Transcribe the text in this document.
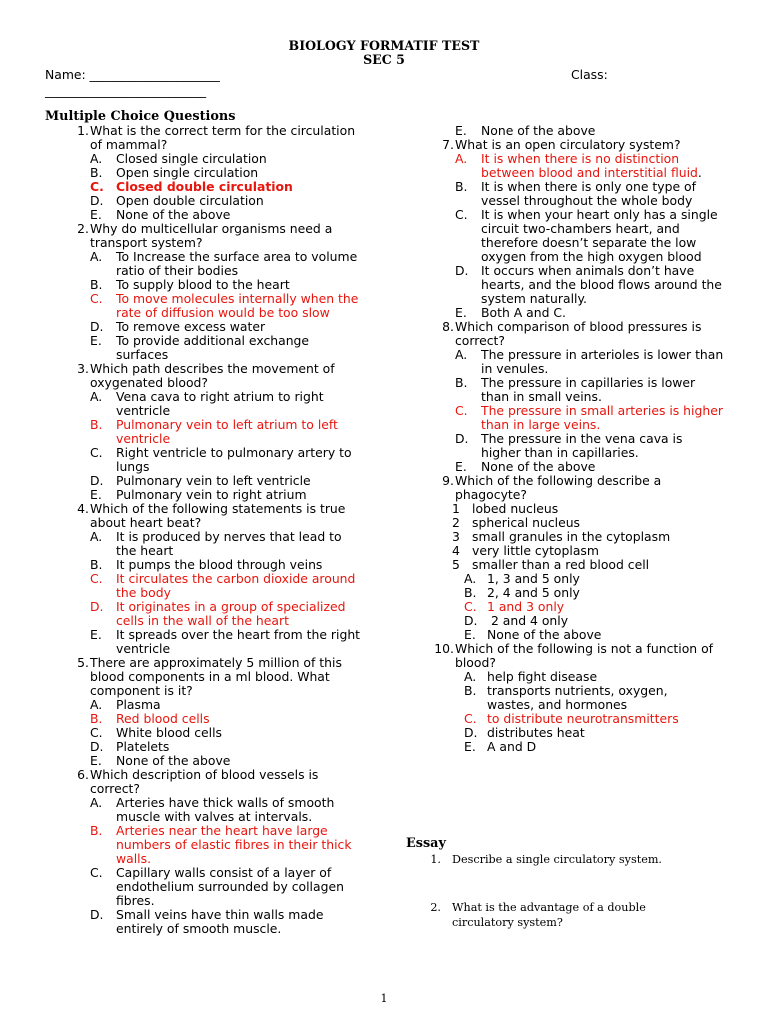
BIOLOGY FORMATIF TEST
SEC 5
Name: _____________________
__________________________
Class:
Multiple Choice Questions
1. What is the correct term for the circulation of mammal?
A.	Closed single circulation
B.	Open single circulation
C. Closed double circulation
D.	Open double circulation
E.	None of the above
2. Why do multicellular organisms need a transport system?
A.	To Increase the surface area to volume ratio of their bodies
B.	To supply blood to the heart
C.	To move molecules internally when the rate of diffusion would be too slow
D.	To remove excess water
E.	To provide additional exchange surfaces
3. Which path describes the movement of oxygenated blood?
A.	Vena cava to right atrium to right ventricle
B.	Pulmonary vein to left atrium to left ventricle
C.	Right ventricle to pulmonary artery to lungs
D.	Pulmonary vein to left ventricle
E.	Pulmonary vein to right atrium
4. Which of the following statements is true about heart beat?
A.	It is produced by nerves that lead to the heart
B.	It pumps the blood through veins
C.	It circulates the carbon dioxide around the body
D.	It originates in a group of specialized cells in the wall of the heart
E.	It spreads over the heart from the right ventricle
5. There are approximately 5 million of this blood components in a ml blood. What component is it?
A.	Plasma
B.	Red blood cells
C.	White blood cells
D.	Platelets
E.	None of the above
6. Which description of blood vessels is correct?
A.	Arteries have thick walls of smooth muscle with valves at intervals.
B.	Arteries near the heart have large numbers of elastic fibres in their thick walls.
C.	Capillary walls consist of a layer of endothelium surrounded by collagen fibres.
D.	Small veins have thin walls made entirely of smooth muscle.
E.	None of the above
7. What is an open circulatory system?
A.	It is when there is no distinction between blood and interstitial fluid.
B.	It is when there is only one type of vessel throughout the whole body
C.	It is when your heart only has a single circuit two-chambers heart, and therefore doesn’t separate the low oxygen from the high oxygen blood
D.	It occurs when animals don’t have hearts, and the blood flows around the system naturally.
E.	Both A and C.
8. Which comparison of blood pressures is correct?
A.	The pressure in arterioles is lower than in venules.
B.	The pressure in capillaries is lower than in small veins.
C.	The pressure in small arteries is higher than in large veins.
D.	The pressure in the vena cava is higher than in capillaries.
E.	None of the above
9. Which of the following describe a phagocyte?
1 lobed nucleus
2 spherical nucleus
3 small granules in the cytoplasm
4 very little cytoplasm
5 smaller than a red blood cell
A. 1, 3 and 5 only
B. 2, 4 and 5 only
C. 1 and 3 only
D. 2 and 4 only
E. None of the above
10. Which of the following is not a function of blood?
A. help fight disease
B. transports nutrients, oxygen, wastes, and hormones
C. to distribute neurotransmitters
D. distributes heat
E. A and D
Essay
1. Describe a single circulatory system.
2. What is the advantage of a double circulatory system?
1
